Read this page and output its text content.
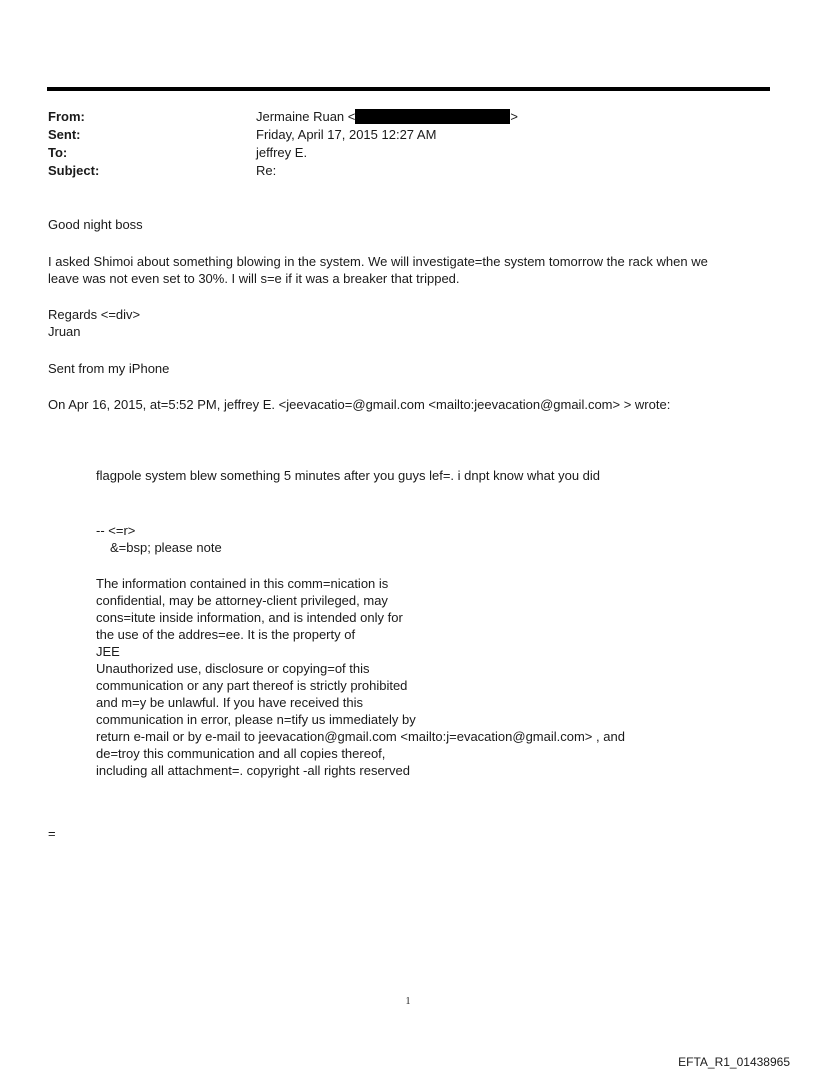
From:	Jermaine Ruan <	>
Sent:	Friday, April 17, 2015 12:27 AM
To:	jeffrey E.
Subject:	Re:
Good night boss
I asked Shimoi about something blowing in the system. We will investigate=the system tomorrow the rack when we
leave was not even set to 30%. I will s=e if it was a breaker that tripped.
Regards <=div>
Jruan
Sent from my iPhone
On Apr 16, 2015, at=5:52 PM, jeffrey E. <jeevacatio=@gmail.com <mailto:jeevacation@gmail.com> > wrote:
flagpole system blew something 5 minutes after you guys lef=. i dnpt know what you did
-- <=r>
&=bsp; please note
The information contained in this comm=nication is
confidential, may be attorney-client privileged, may
cons=itute inside information, and is intended only for
the use of the addres=ee. It is the property of
JEE
Unauthorized use, disclosure or copying=of this
communication or any part thereof is strictly prohibited
and m=y be unlawful. If you have received this
communication in error, please n=tify us immediately by
return e-mail or by e-mail to jeevacation@gmail.com <mailto:j=evacation@gmail.com> , and
de=troy this communication and all copies thereof,
including all attachment=. copyright -all rights reserved
=
1
EFTA_R1_01438965
